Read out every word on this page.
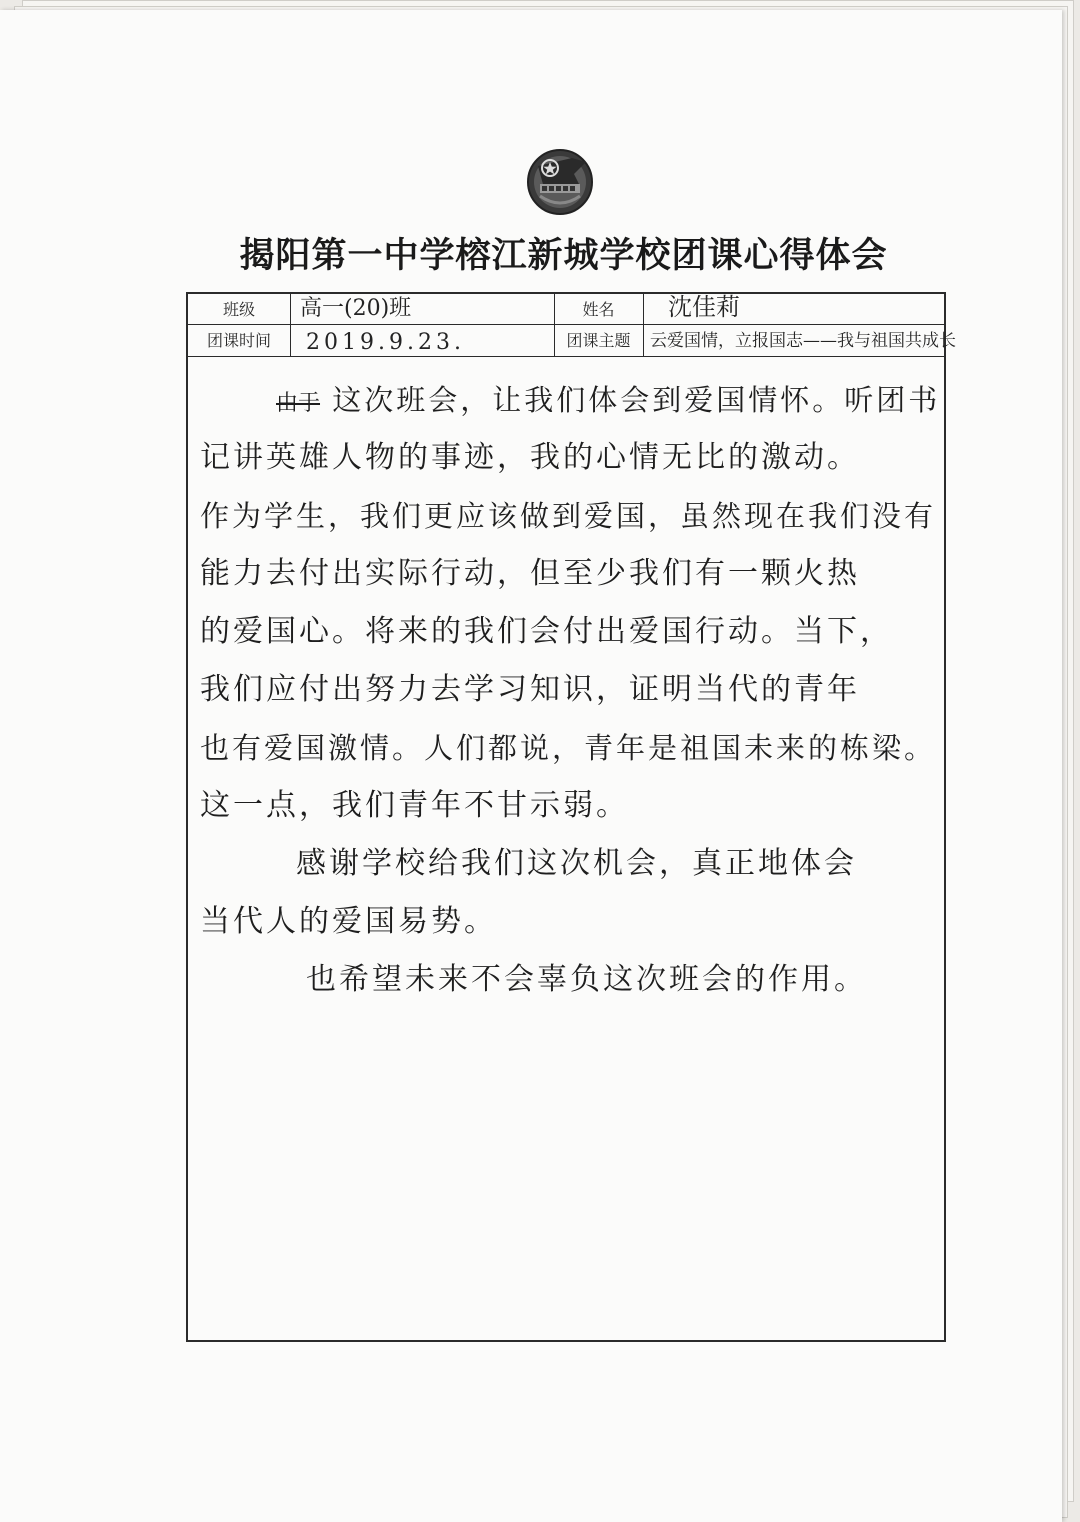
揭阳第一中学榕江新城学校团课心得体会
班级	高一(20)班	姓名	沈佳莉
团课时间	2019.9.23.	团课主题	云爱国情，立报国志——我与祖国共成长
由于 这次班会，让我们体会到爱国情怀。听团书
记讲英雄人物的事迹，我的心情无比的激动。
作为学生，我们更应该做到爱国，虽然现在我们没有
能力去付出实际行动，但至少我们有一颗火热
的爱国心。将来的我们会付出爱国行动。当下，
我们应付出努力去学习知识，证明当代的青年
也有爱国激情。人们都说，青年是祖国未来的栋梁。
这一点，我们青年不甘示弱。
感谢学校给我们这次机会，真正地体会
当代人的爱国易势。
也希望未来不会辜负这次班会的作用。
